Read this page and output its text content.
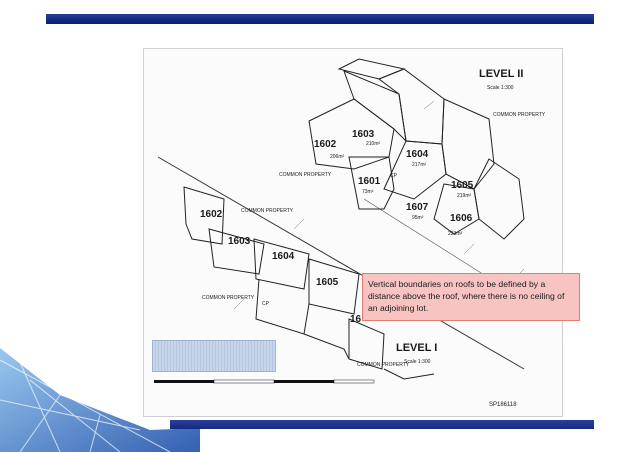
1602
206m²
1603
210m²
1604
217m²
1601
73m²
1605
219m²
1607
95m²	1606
223m²
CP
COMMON PROPERTY
COMMON PROPERTY
COMMON PROPERTY
COMMON PROPERTY
COMMON PROPERTY
CP
1602
1603
1604
1605
16
LEVEL II
Scale 1:300
LEVEL I
Scale 1:300
SP186118
Vertical boundaries on roofs to be defined by a distance above the roof, where there is no ceiling of an adjoining lot.
